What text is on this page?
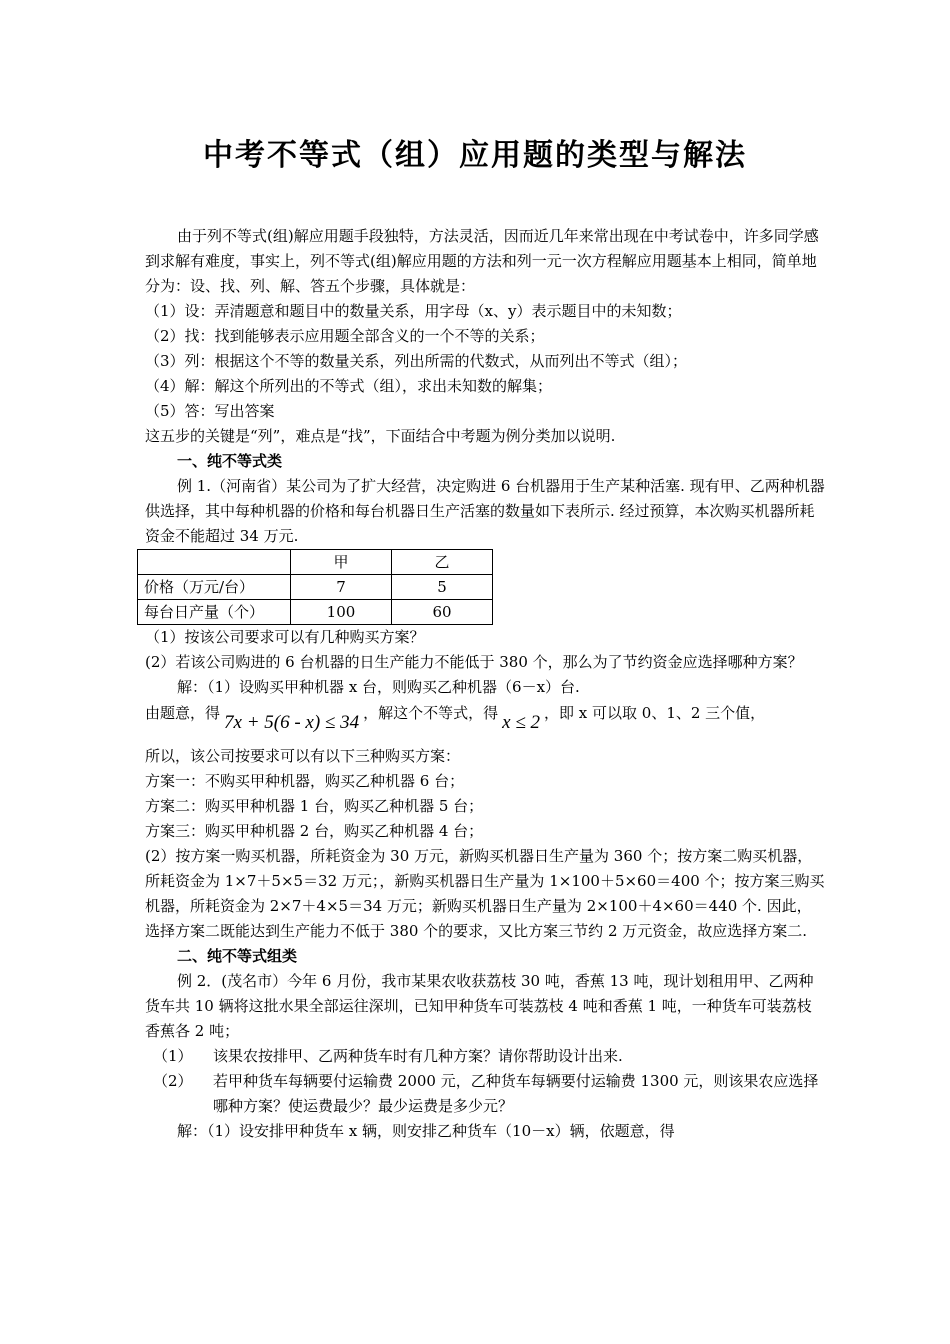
中考不等式（组）应用题的类型与解法

由于列不等式(组)解应用题手段独特，方法灵活，因而近几年来常出现在中考试卷中，许多同学感到求解有难度，事实上，列不等式(组)解应用题的方法和列一元一次方程解应用题基本上相同，简单地分为：设、找、列、解、答五个步骤，具体就是：

（1）设：弄清题意和题目中的数量关系，用字母（x、y）表示题目中的未知数；

（2）找：找到能够表示应用题全部含义的一个不等的关系；

（3）列：根据这个不等的数量关系，列出所需的代数式，从而列出不等式（组）；

（4）解：解这个所列出的不等式（组），求出未知数的解集；

（5）答：写出答案

这五步的关键是“列”，难点是“找”，下面结合中考题为例分类加以说明.

一、纯不等式类

例 1.（河南省）某公司为了扩大经营，决定购进 6 台机器用于生产某种活塞. 现有甲、乙两种机器供选择，其中每种机器的价格和每台机器日生产活塞的数量如下表所示. 经过预算，本次购买机器所耗资金不能超过 34 万元.

	甲	乙
价格（万元/台）	7	5
每台日产量（个）	100	60

（1）按该公司要求可以有几种购买方案？

(2）若该公司购进的 6 台机器的日生产能力不能低于 380 个，那么为了节约资金应选择哪种方案？

解：（1）设购买甲种机器 x 台，则购买乙种机器（6－x）台.

由题意，得 7x + 5(6 - x) ≤ 34 ，解这个不等式，得 x ≤ 2 ，即 x 可以取 0、1、2 三个值，

所以，该公司按要求可以有以下三种购买方案：

方案一：不购买甲种机器，购买乙种机器 6 台；

方案二：购买甲种机器 1 台，购买乙种机器 5 台；

方案三：购买甲种机器 2 台，购买乙种机器 4 台；

(2）按方案一购买机器，所耗资金为 30 万元，新购买机器日生产量为 360 个；按方案二购买机器，所耗资金为 1×7＋5×5＝32 万元；，新购买机器日生产量为 1×100＋5×60＝400 个；按方案三购买机器，所耗资金为 2×7＋4×5＝34 万元；新购买机器日生产量为 2×100＋4×60＝440 个. 因此，选择方案二既能达到生产能力不低于 380 个的要求，又比方案三节约 2 万元资金，故应选择方案二.

二、纯不等式组类

例 2．(茂名市）今年 6 月份，我市某果农收获荔枝 30 吨，香蕉 13 吨，现计划租用甲、乙两种货车共 10 辆将这批水果全部运往深圳，已知甲种货车可装荔枝 4 吨和香蕉 1 吨，一种货车可装荔枝香蕉各 2 吨；

（1）	该果农按排甲、乙两种货车时有几种方案？请你帮助设计出来.
（2）	若甲种货车每辆要付运输费 2000 元，乙种货车每辆要付运输费 1300 元，则该果农应选择哪种方案？使运费最少？最少运费是多少元？

解：（1）设安排甲种货车 x 辆，则安排乙种货车（10－x）辆，依题意，得
